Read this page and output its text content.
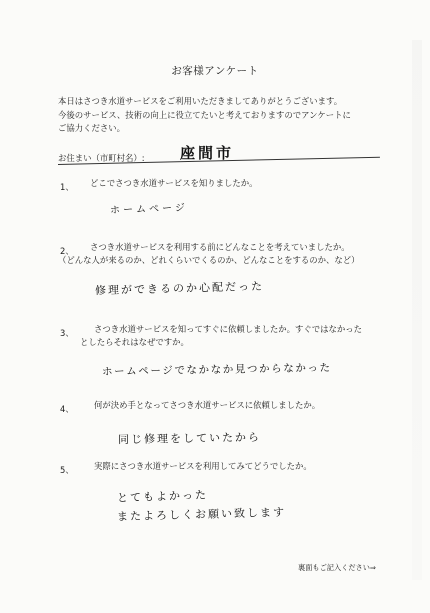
お客様アンケート
本日はさつき水道サービスをご利用いただきましてありがとうございます。
今後のサービス、技術の向上に役立てたいと考えておりますのでアンケートに
ご協力ください。
お住まい（市町村名）: 座間市
1、 どこでさつき水道サービスを知りましたか。
ホームページ
2、 さつき水道サービスを利用する前にどんなことを考えていましたか。
（どんな人が来るのか、どれくらいでくるのか、どんなことをするのか、など）
修理ができるのか心配だった
3、 さつき水道サービスを知ってすぐに依頼しましたか。すぐではなかった
としたらそれはなぜですか。
ホームページでなかなか見つからなかった
4、 何が決め手となってさつき水道サービスに依頼しましたか。
同じ修理をしていたから
5、 実際にさつき水道サービスを利用してみてどうでしたか。
とてもよかった
またよろしくお願い致します
裏面もご記入ください⇒
